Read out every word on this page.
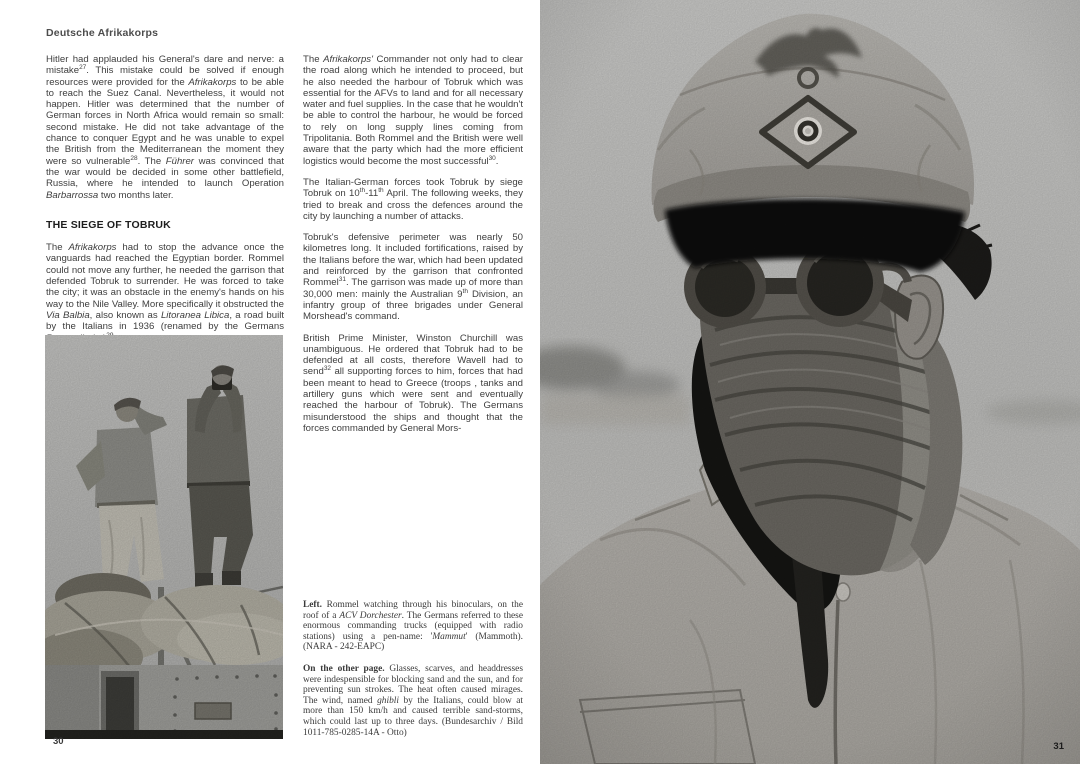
Deutsche Afrikakorps

Hitler had applauded his General's dare and nerve: a mistake$^{27}$. This mistake could be solved if enough resources were provided for the Afrikakorps to be able to reach the Suez Canal. Nevertheless, it would not happen. Hitler was determined that the number of German forces in North Africa would remain so small: second mistake. He did not take advantage of the chance to conquer Egypt and he was unable to expel the British from the Mediterranean the moment they were so vulnerable$^{28}$. The Führer was convinced that the war would be decided in some other battlefield, Russia, where he intended to launch Operation Barbarrossa two months later.

THE SIEGE OF TOBRUK

The Afrikakorps had to stop the advance once the vanguards had reached the Egyptian border. Rommel could not move any further, he needed the garrison that defended Tobruk to surrender. He was forced to take the city; it was an obstacle in the enemy's hands on his way to the Nile Valley. More specifically it obstructed the Via Balbia, also known as Litoranea Libica, a road built by the Italians in 1936 (renamed by the Germans

The Afrikakorps' Commander not only had to clear the road along which he intended to proceed, but he also needed the harbour of Tobruk which was essential for the AFVs to land and for all necessary water and fuel supplies. In the case that he wouldn't be able to control the harbour, he would be forced to rely on long supply lines coming from Tripolitania. Both Rommel and the British were well aware that the party which had the more efficient logistics would become the most successful$^{30}$.

The Italian-German forces took Tobruk by siege Tobruk on 10th-11th April. The following weeks, they tried to break and cross the defences around the city by launching a number of attacks.

Tobruk's defensive perimeter was nearly 50 kilometres long. It included fortifications, raised by the Italians before the war, which had been updated and reinforced by the garrison that confronted Rommel$^{31}$. The garrison was made up of more than 30,000 men: mainly the Australian 9th Division, an infantry group of three brigades under General Morshead's command.

British Prime Minister, Winston Churchill was unambiguous. He ordered that Tobruk had to be defended at all costs, therefore Wavell had to send$^{32}$ all supporting forces to him, forces that had been meant to head to Greece (troops , tanks and artillery guns which were sent and eventually reached the harbour of Tobruk). The Germans misunderstood the ships and thought that the forces commanded by General Mors-

Left. Rommel watching through his binoculars, on the roof of a ACV Dorchester. The Germans referred to these enormous commanding trucks (equipped with radio stations) using a pen-name: 'Mammut' (Mammoth). (NARA - 242-EAPC)

On the other page. Glasses, scarves, and headdresses were indespensible for blocking sand and the sun, and for preventing sun strokes. The heat often caused mirages. The wind, named ghibli by the Italians, could blow at more than 150 km/h and caused terrible sand-storms, which could last up to three days. (Bundesarchiv / Bild 1011-785-0285-14A - Otto)

30	31
